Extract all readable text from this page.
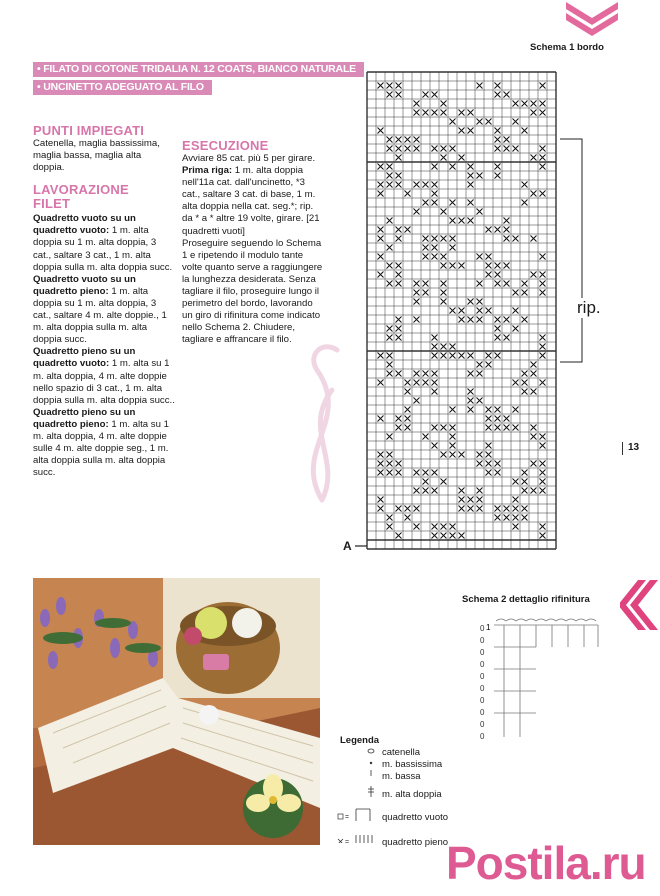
• FILATO DI COTONE TRIDALIA N. 12 COATS, BIANCO NATURALE
• UNCINETTO ADEGUATO AL FILO
PUNTI IMPIEGATI
Catenella, maglia bassissima, maglia bassa, maglia alta doppia.
LAVORAZIONE
FILET
Quadretto vuoto su un quadretto vuoto: 1 m. alta doppia su 1 m. alta doppia, 3 cat., saltare 3 cat., 1 m. alta doppia sulla m. alta doppia succ.
Quadretto vuoto su un quadretto pieno: 1 m. alta doppia su 1 m. alta doppia, 3 cat., saltare 4 m. alte doppie., 1 m. alta doppia sulla m. alta doppia succ.
Quadretto pieno su un quadretto vuoto: 1 m. alta su 1 m. alta doppia, 4 m. alte doppie nello spazio di 3 cat., 1 m. alta doppia sulla m. alta doppia succ..
Quadretto pieno su un quadretto pieno: 1 m. alta su 1 m. alta doppia, 4 m. alte doppie sulle 4 m. alte doppie seg., 1 m. alta doppia sulla m. alta doppia succ.
ESECUZIONE
Avviare 85 cat. più 5 per girare.
Prima riga: 1 m. alta doppia nell'11a cat. dall'uncinetto, *3 cat., saltare 3 cat. di base, 1 m. alta doppia nella cat. seg.*; rip. da * a * altre 19 volte, girare. [21 quadretti vuoti]
Proseguire seguendo lo Schema 1 e ripetendo il modulo tante volte quanto serve a raggiungere la lunghezza desiderata. Senza tagliare il filo, proseguire lungo il perimetro del bordo, lavorando un giro di rifinitura come indicato nello Schema 2. Chiudere, tagliare e affrancare il filo.
Schema 1 bordo
rip.
A
13
Schema 2 dettaglio rifinitura
0
0
0
0
0
0
0
0
0
0
1
Legenda
=
=
catenella
m. bassissima
m. bassa
m. alta doppia
quadretto vuoto
quadretto pieno
Postila.ru
